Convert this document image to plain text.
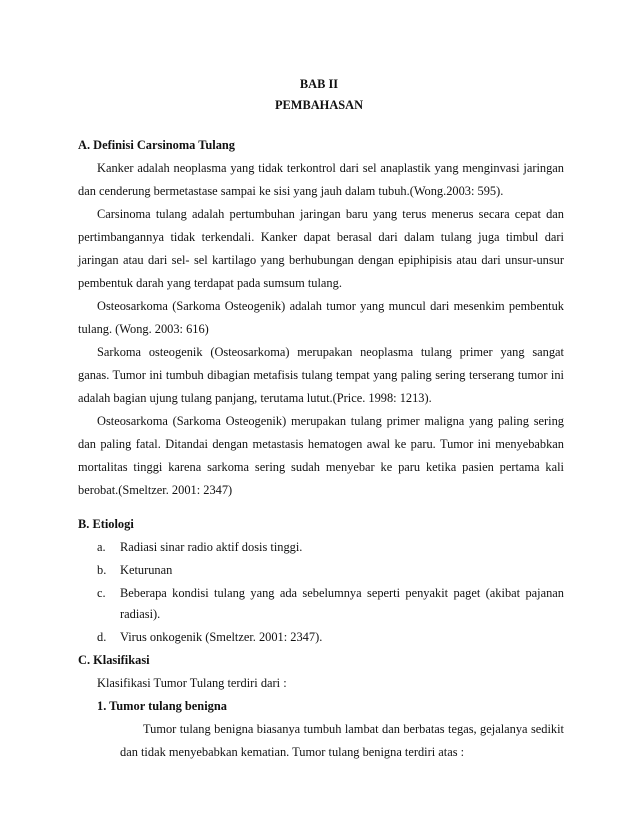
BAB II
PEMBAHASAN
A. Definisi Carsinoma Tulang
Kanker adalah neoplasma yang tidak terkontrol dari sel anaplastik yang menginvasi jaringan
dan cenderung bermetastase sampai ke sisi yang jauh dalam tubuh.(Wong.2003: 595).
Carsinoma tulang adalah pertumbuhan jaringan baru yang terus menerus secara cepat dan
pertimbangannya tidak terkendali. Kanker dapat berasal dari dalam tulang juga timbul dari
jaringan atau dari sel- sel kartilago yang berhubungan dengan epiphipisis atau dari unsur-unsur
pembentuk darah yang terdapat pada sumsum tulang.
Osteosarkoma (Sarkoma Osteogenik) adalah tumor yang muncul dari mesenkim pembentuk
tulang. (Wong. 2003: 616)
Sarkoma osteogenik (Osteosarkoma) merupakan neoplasma tulang primer yang sangat
ganas. Tumor ini tumbuh dibagian metafisis tulang tempat yang paling sering terserang tumor ini
adalah bagian ujung tulang panjang, terutama lutut.(Price. 1998: 1213).
Osteosarkoma (Sarkoma Osteogenik) merupakan tulang primer maligna yang paling sering
dan paling fatal. Ditandai dengan metastasis hematogen awal ke paru. Tumor ini menyebabkan
mortalitas tinggi karena sarkoma sering sudah menyebar ke paru ketika pasien pertama kali
berobat.(Smeltzer. 2001: 2347)
B. Etiologi
a. Radiasi sinar radio aktif dosis tinggi.
b. Keturunan
c. Beberapa kondisi tulang yang ada sebelumnya seperti penyakit paget (akibat pajanan
radiasi).
d. Virus onkogenik (Smeltzer. 2001: 2347).
C. Klasifikasi
Klasifikasi Tumor Tulang terdiri dari :
1. Tumor tulang benigna
Tumor tulang benigna biasanya tumbuh lambat dan berbatas tegas, gejalanya sedikit
dan tidak menyebabkan kematian. Tumor tulang benigna terdiri atas :
